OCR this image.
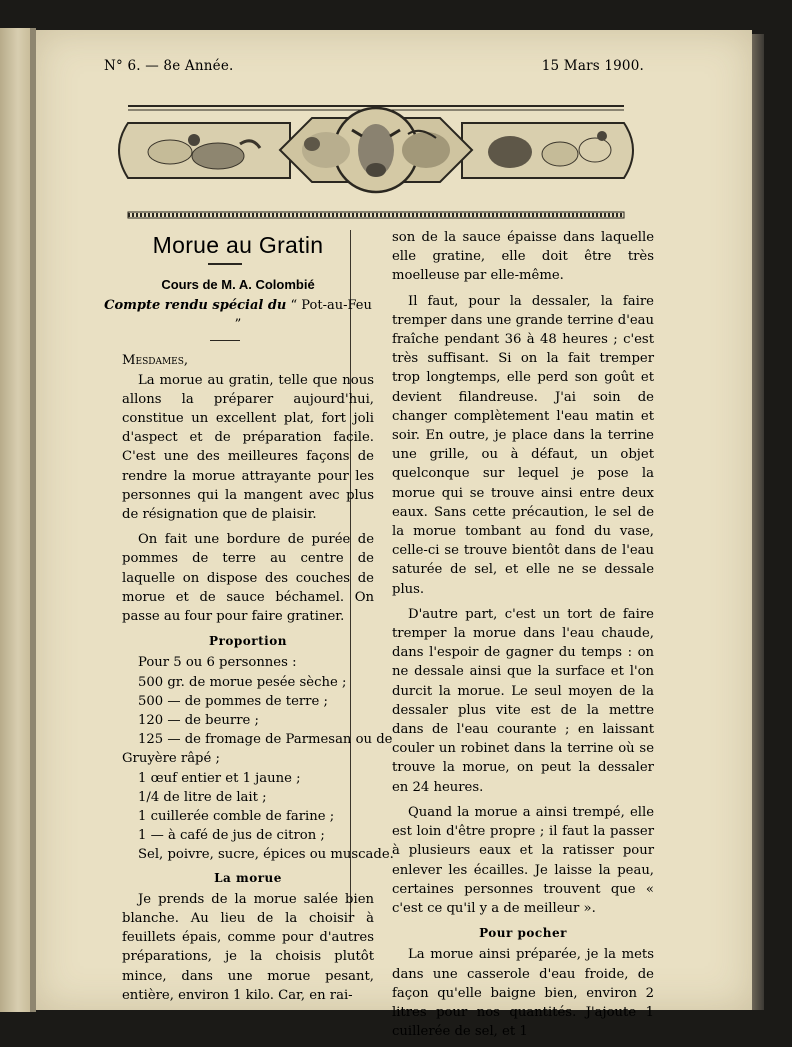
N° 6. — 8e Année.	15 Mars 1900.
Morue au Gratin
Cours de M. A. Colombié
Compte rendu spécial du “ Pot-au-Feu ”
Mesdames,

La morue au gratin, telle que nous allons la préparer aujourd'hui, constitue un excellent plat, fort joli d'aspect et de préparation facile. C'est une des meilleures façons de rendre la morue attrayante pour les personnes qui la mangent avec plus de résignation que de plaisir.

On fait une bordure de purée de pommes de terre au centre de laquelle on dispose des couches de morue et de sauce béchamel. On passe au four pour faire gratiner.

Proportion
Pour 5 ou 6 personnes :
500 gr. de morue pesée sèche ;
500 — de pommes de terre ;
120 — de beurre ;
125 — de fromage de Parmesan ou de
Gruyère râpé ;
1 œuf entier et 1 jaune ;
1/4 de litre de lait ;
1 cuillerée comble de farine ;
1 — à café de jus de citron ;
Sel, poivre, sucre, épices ou muscade.
La morue

Je prends de la morue salée bien blanche. Au lieu de la choisir à feuillets épais, comme pour d'autres préparations, je la choisis plutôt mince, dans une morue pesant, entière, environ 1 kilo. Car, en rai-

son de la sauce épaisse dans laquelle elle gratine, elle doit être très moelleuse par elle-même.

Il faut, pour la dessaler, la faire tremper dans une grande terrine d'eau fraîche pendant 36 à 48 heures ; c'est très suffisant. Si on la fait tremper trop longtemps, elle perd son goût et devient filandreuse. J'ai soin de changer complètement l'eau matin et soir. En outre, je place dans la terrine une grille, ou à défaut, un objet quelconque sur lequel je pose la morue qui se trouve ainsi entre deux eaux. Sans cette précaution, le sel de la morue tombant au fond du vase, celle-ci se trouve bientôt dans de l'eau saturée de sel, et elle ne se dessale plus.

D'autre part, c'est un tort de faire tremper la morue dans l'eau chaude, dans l'espoir de gagner du temps : on ne dessale ainsi que la surface et l'on durcit la morue. Le seul moyen de la dessaler plus vite est de la mettre dans de l'eau courante ; en laissant couler un robinet dans la terrine où se trouve la morue, on peut la dessaler en 24 heures.

Quand la morue a ainsi trempé, elle est loin d'être propre ; il faut la passer à plusieurs eaux et la ratisser pour enlever les écailles. Je laisse la peau, certaines personnes trouvent que « c'est ce qu'il y a de meilleur ».

Pour pocher

La morue ainsi préparée, je la mets dans une casserole d'eau froide, de façon qu'elle baigne bien, environ 2 litres pour nos quantités. J'ajoute 1 cuillerée de sel, et 1
